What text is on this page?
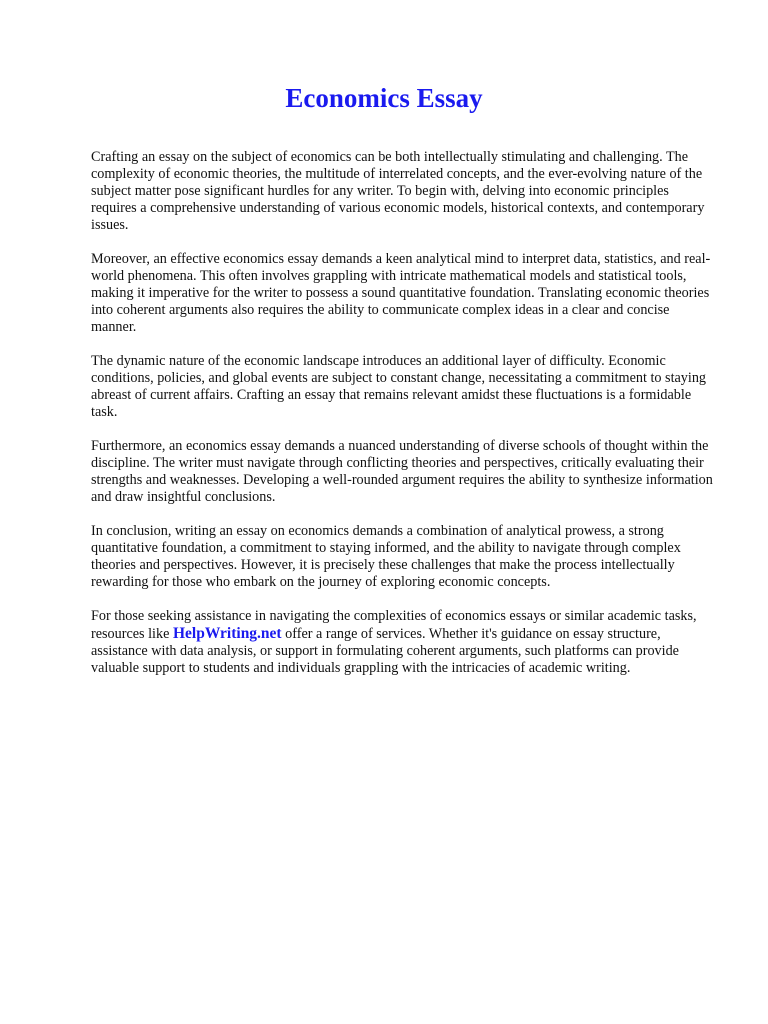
Economics Essay

Crafting an essay on the subject of economics can be both intellectually stimulating and challenging. The complexity of economic theories, the multitude of interrelated concepts, and the ever-evolving nature of the subject matter pose significant hurdles for any writer. To begin with, delving into economic principles requires a comprehensive understanding of various economic models, historical contexts, and contemporary issues.

Moreover, an effective economics essay demands a keen analytical mind to interpret data, statistics, and real-world phenomena. This often involves grappling with intricate mathematical models and statistical tools, making it imperative for the writer to possess a sound quantitative foundation. Translating economic theories into coherent arguments also requires the ability to communicate complex ideas in a clear and concise manner.

The dynamic nature of the economic landscape introduces an additional layer of difficulty. Economic conditions, policies, and global events are subject to constant change, necessitating a commitment to staying abreast of current affairs. Crafting an essay that remains relevant amidst these fluctuations is a formidable task.

Furthermore, an economics essay demands a nuanced understanding of diverse schools of thought within the discipline. The writer must navigate through conflicting theories and perspectives, critically evaluating their strengths and weaknesses. Developing a well-rounded argument requires the ability to synthesize information and draw insightful conclusions.

In conclusion, writing an essay on economics demands a combination of analytical prowess, a strong quantitative foundation, a commitment to staying informed, and the ability to navigate through complex theories and perspectives. However, it is precisely these challenges that make the process intellectually rewarding for those who embark on the journey of exploring economic concepts.

For those seeking assistance in navigating the complexities of economics essays or similar academic tasks, resources like HelpWriting.net offer a range of services. Whether it's guidance on essay structure, assistance with data analysis, or support in formulating coherent arguments, such platforms can provide valuable support to students and individuals grappling with the intricacies of academic writing.
